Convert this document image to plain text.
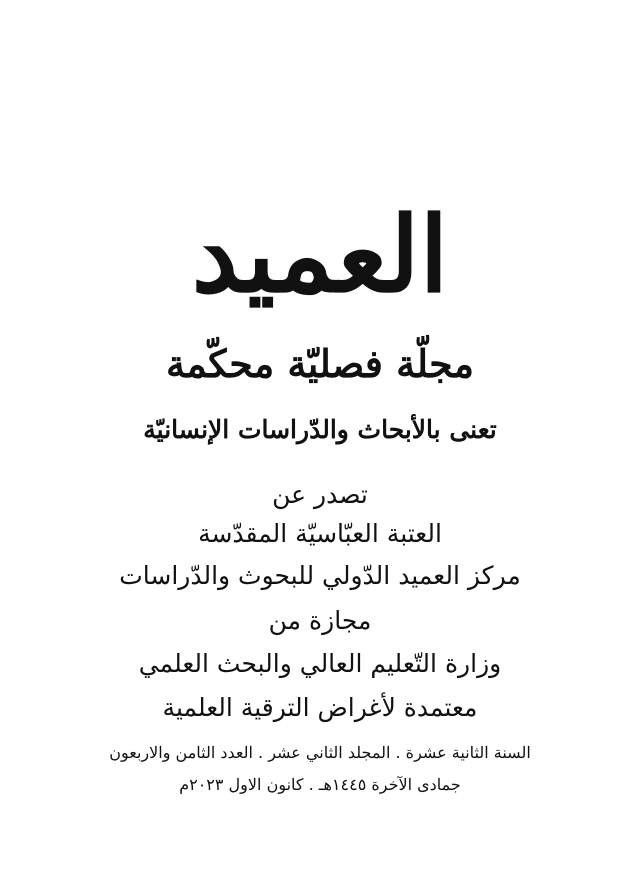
العميد
مجلّة فصليّة محكّمة
تعنى بالأبحاث والدّراسات الإنسانيّة
تصدر عن
العتبة العبّاسيّة المقدّسة
مركز العميد الدّولي للبحوث والدّراسات
مجازة من
وزارة التّعليم العالي والبحث العلمي
معتمدة لأغراض الترقية العلمية
السنة الثانية عشرة . المجلد الثاني عشر . العدد الثامن والاربعون
جمادى الآخرة ١٤٤٥هـ . كانون الاول ٢٠٢٣م
